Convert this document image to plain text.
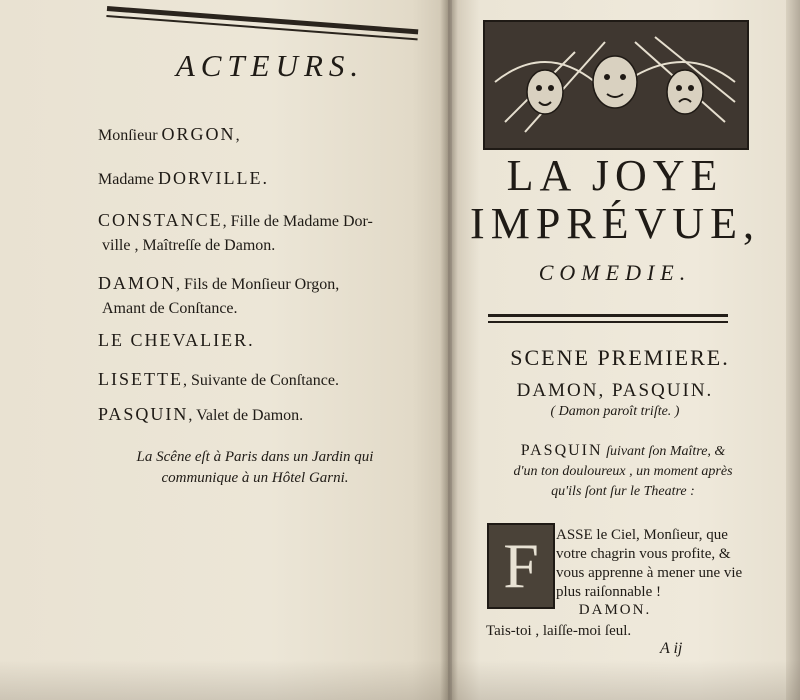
ACTEURS.
Monſieur ORGON,
Madame DORVILLE.
CONSTANCE, Fille de Madame Dor-
ville , Maîtreſſe de Damon.
DAMON, Fils de Monſieur Orgon,
Amant de Conſtance.
LE CHEVALIER.
LISETTE, Suivante de Conſtance.
PASQUIN, Valet de Damon.
La Scêne eſt à Paris dans un Jardin qui
communique à un Hôtel Garni.
LA JOYE
IMPRÉVUE,
COMEDIE.
SCENE PREMIERE.
DAMON, PASQUIN.
( Damon paroît triſte. )
PASQUIN ſuivant ſon Maître, &
d'un ton douloureux , un moment après
qu'ils ſont ſur le Theatre :
F ASSE le Ciel, Monſieur, que
votre chagrin vous profite, &
vous apprenne à mener une vie
plus raiſonnable !
DAMON.
Tais-toi , laiſſe-moi ſeul.
A ij
